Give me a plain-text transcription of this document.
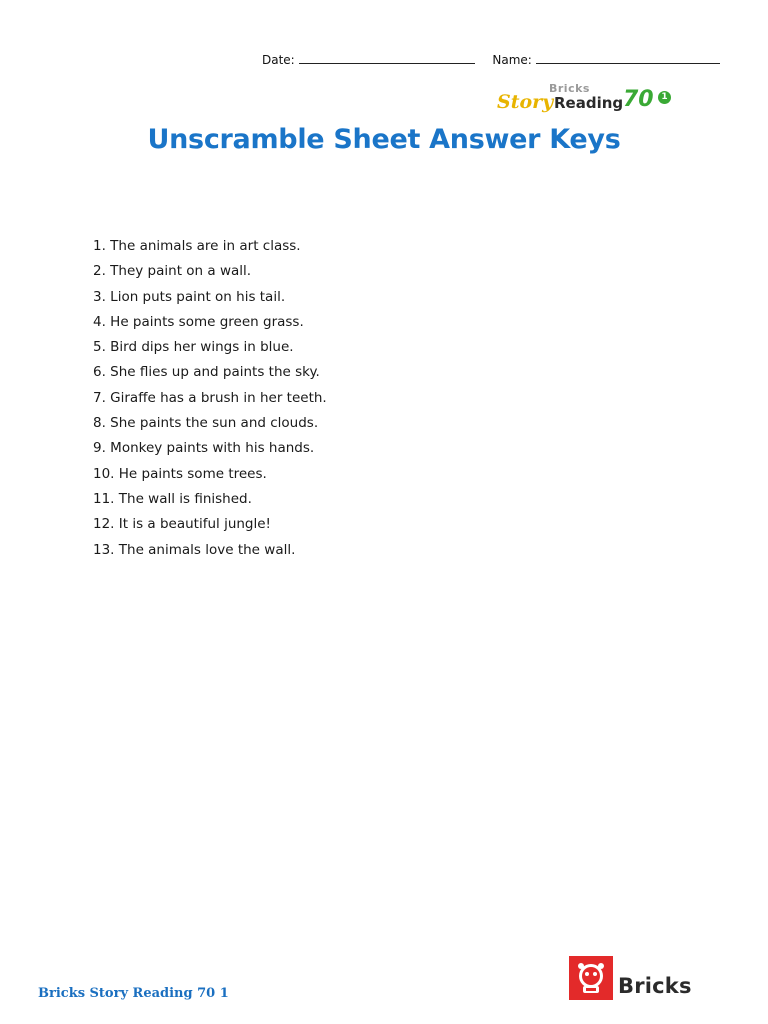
Date:	Name:
Bricks
Story Reading 70 1
Unscramble Sheet Answer Keys
1. The animals are in art class.
2. They paint on a wall.
3. Lion puts paint on his tail.
4. He paints some green grass.
5. Bird dips her wings in blue.
6. She flies up and paints the sky.
7. Giraffe has a brush in her teeth.
8. She paints the sun and clouds.
9. Monkey paints with his hands.
10. He paints some trees.
11. The wall is finished.
12. It is a beautiful jungle!
13. The animals love the wall.
Bricks Story Reading 70 1	Bricks
